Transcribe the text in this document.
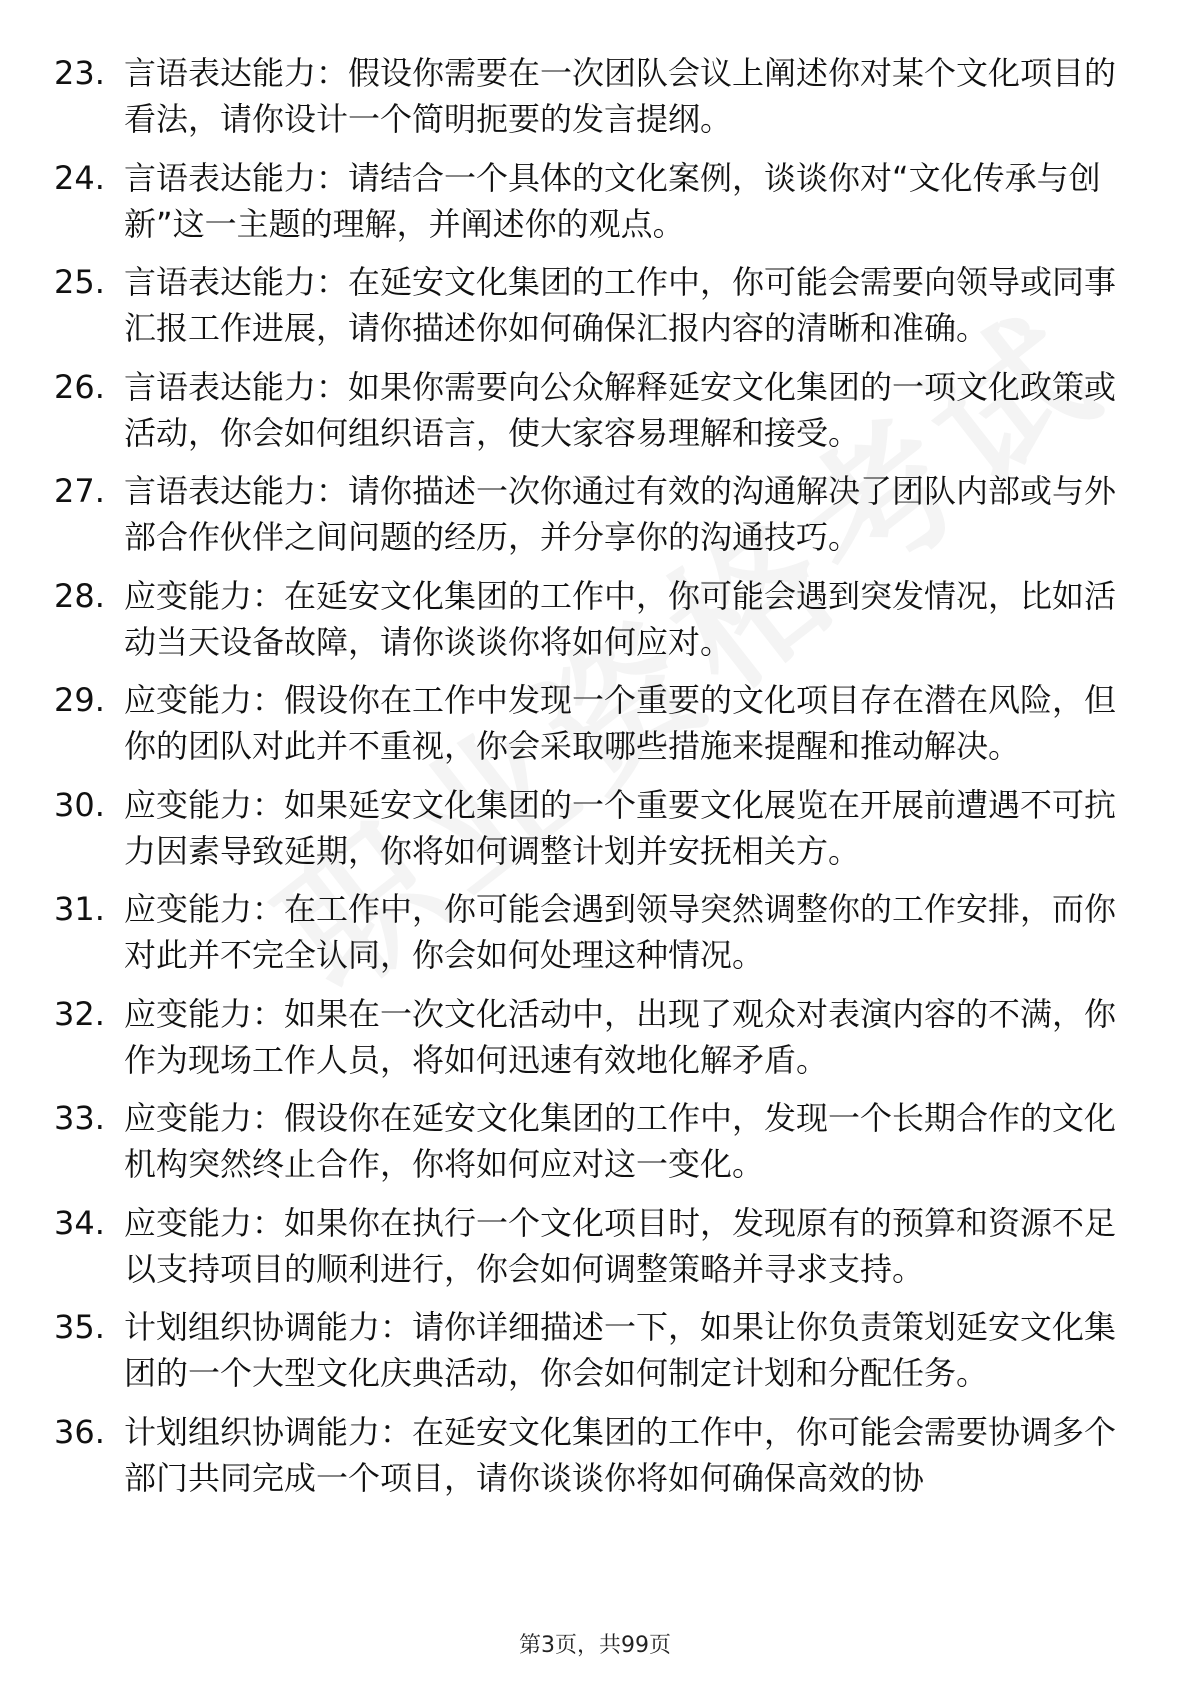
23. 言语表达能力：假设你需要在一次团队会议上阐述你对某个文化项目的看法，请你设计一个简明扼要的发言提纲。
24. 言语表达能力：请结合一个具体的文化案例，谈谈你对“文化传承与创新”这一主题的理解，并阐述你的观点。
25. 言语表达能力：在延安文化集团的工作中，你可能会需要向领导或同事汇报工作进展，请你描述你如何确保汇报内容的清晰和准确。
26. 言语表达能力：如果你需要向公众解释延安文化集团的一项文化政策或活动，你会如何组织语言，使大家容易理解和接受。
27. 言语表达能力：请你描述一次你通过有效的沟通解决了团队内部或与外部合作伙伴之间问题的经历，并分享你的沟通技巧。
28. 应变能力：在延安文化集团的工作中，你可能会遇到突发情况，比如活动当天设备故障，请你谈谈你将如何应对。
29. 应变能力：假设你在工作中发现一个重要的文化项目存在潜在风险，但你的团队对此并不重视，你会采取哪些措施来提醒和推动解决。
30. 应变能力：如果延安文化集团的一个重要文化展览在开展前遭遇不可抗力因素导致延期，你将如何调整计划并安抚相关方。
31. 应变能力：在工作中，你可能会遇到领导突然调整你的工作安排，而你对此并不完全认同，你会如何处理这种情况。
32. 应变能力：如果在一次文化活动中，出现了观众对表演内容的不满，你作为现场工作人员，将如何迅速有效地化解矛盾。
33. 应变能力：假设你在延安文化集团的工作中，发现一个长期合作的文化机构突然终止合作，你将如何应对这一变化。
34. 应变能力：如果你在执行一个文化项目时，发现原有的预算和资源不足以支持项目的顺利进行，你会如何调整策略并寻求支持。
35. 计划组织协调能力：请你详细描述一下，如果让你负责策划延安文化集团的一个大型文化庆典活动，你会如何制定计划和分配任务。
36. 计划组织协调能力：在延安文化集团的工作中，你可能会需要协调多个部门共同完成一个项目，请你谈谈你将如何确保高效的协
第3页，共99页
